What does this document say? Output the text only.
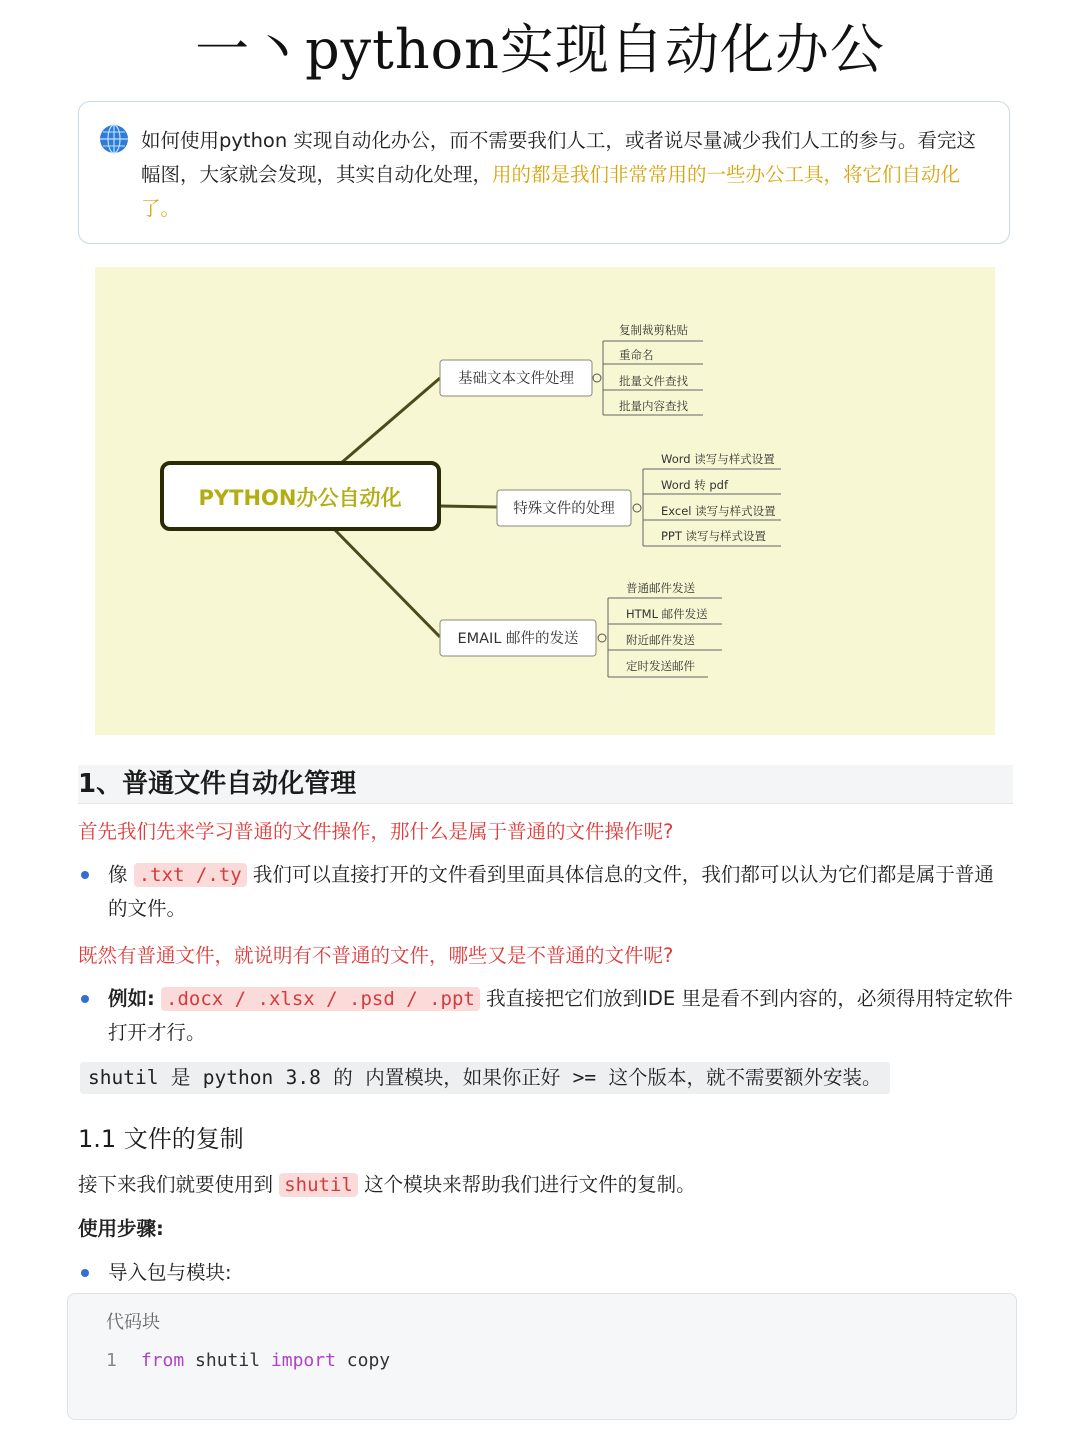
一丶python实现自动化办公
如何使用python 实现自动化办公，而不需要我们人工，或者说尽量减少我们人工的参与。看完这幅图，大家就会发现，其实自动化处理，用的都是我们非常常用的一些办公工具，将它们自动化了。
PYTHON办公自动化
基础文本文件处理
复制裁剪粘贴
重命名
批量文件查找
批量内容查找
特殊文件的处理
Word 读写与样式设置
Word 转 pdf
Excel 读写与样式设置
PPT 读写与样式设置
EMAIL 邮件的发送
普通邮件发送
HTML 邮件发送
附近邮件发送
定时发送邮件
1、普通文件自动化管理
首先我们先来学习普通的文件操作，那什么是属于普通的文件操作呢?
像 .txt /.ty 我们可以直接打开的文件看到里面具体信息的文件，我们都可以认为它们都是属于普通的文件。
既然有普通文件，就说明有不普通的文件，哪些又是不普通的文件呢?
例如: .docx / .xlsx / .psd / .ppt 我直接把它们放到IDE 里是看不到内容的，必须得用特定软件打开才行。
shutil 是 python 3.8 的 内置模块，如果你正好 >= 这个版本，就不需要额外安装。
1.1 文件的复制
接下来我们就要使用到 shutil 这个模块来帮助我们进行文件的复制。
使用步骤:
导入包与模块:
代码块
1 from shutil import copy
